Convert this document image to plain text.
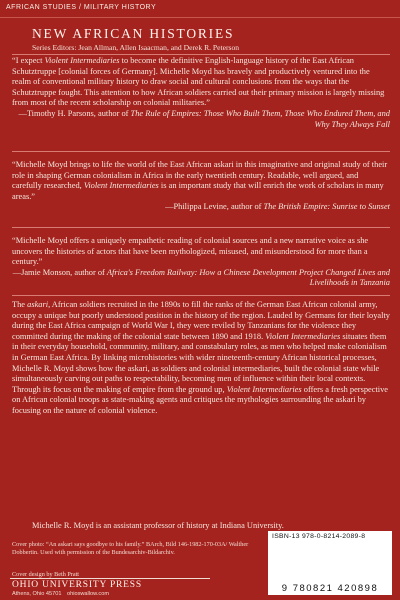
AFRICAN STUDIES / MILITARY HISTORY
NEW AFRICAN HISTORIES
Series Editors: Jean Allman, Allen Isaacman, and Derek R. Peterson
“I expect Violent Intermediaries to become the definitive English-language history of the East African Schutztruppe [colonial forces of Germany]. Michelle Moyd has bravely and productively ventured into the realm of conventional military history to draw social and cultural conclusions from the ways that the Schutztruppe fought. This attention to how African soldiers carried out their primary mission is largely missing from most of the recent scholarship on colonial militaries.”
—Timothy H. Parsons, author of The Rule of Empires: Those Who Built Them, Those Who Endured Them, and Why They Always Fall
“Michelle Moyd brings to life the world of the East African askari in this imaginative and original study of their role in shaping German colonialism in Africa in the early twentieth century. Readable, well argued, and carefully researched, Violent Intermediaries is an important study that will enrich the work of scholars in many areas.”
—Philippa Levine, author of The British Empire: Sunrise to Sunset
“Michelle Moyd offers a uniquely empathetic reading of colonial sources and a new narrative voice as she uncovers the histories of actors that have been mythologized, misused, and misunderstood for more than a century.”
—Jamie Monson, author of Africa's Freedom Railway: How a Chinese Development Project Changed Lives and Livelihoods in Tanzania
The askari, African soldiers recruited in the 1890s to fill the ranks of the German East African colonial army, occupy a unique but poorly understood position in the history of the region. Lauded by Germans for their loyalty during the East Africa campaign of World War I, they were reviled by Tanzanians for the violence they committed during the making of the colonial state between 1890 and 1918. Violent Intermediaries situates them in their everyday household, community, military, and constabulary roles, as men who helped make colonialism in German East Africa. By linking microhistories with wider nineteenth-century African historical processes, Michelle R. Moyd shows how the askari, as soldiers and colonial intermediaries, built the colonial state while simultaneously carving out paths to respectability, becoming men of influence within their local contexts. Through its focus on the making of empire from the ground up, Violent Intermediaries offers a fresh perspective on African colonial troops as state-making agents and critiques the mythologies surrounding the askari by focusing on the nature of colonial violence.
Michelle R. Moyd is an assistant professor of history at Indiana University.
Cover photo: “An askari says goodbye to his family.” BArch, Bild 146-1982-170-03A/ Walther Dobbertin. Used with permission of the Bundesarchiv-Bildarchiv.
Cover design by Beth Pratt
OHIO UNIVERSITY PRESS
Athens, Ohio 45701 ohioswallow.com
ISBN-13 978-0-8214-2089-8
9 780821 420898
